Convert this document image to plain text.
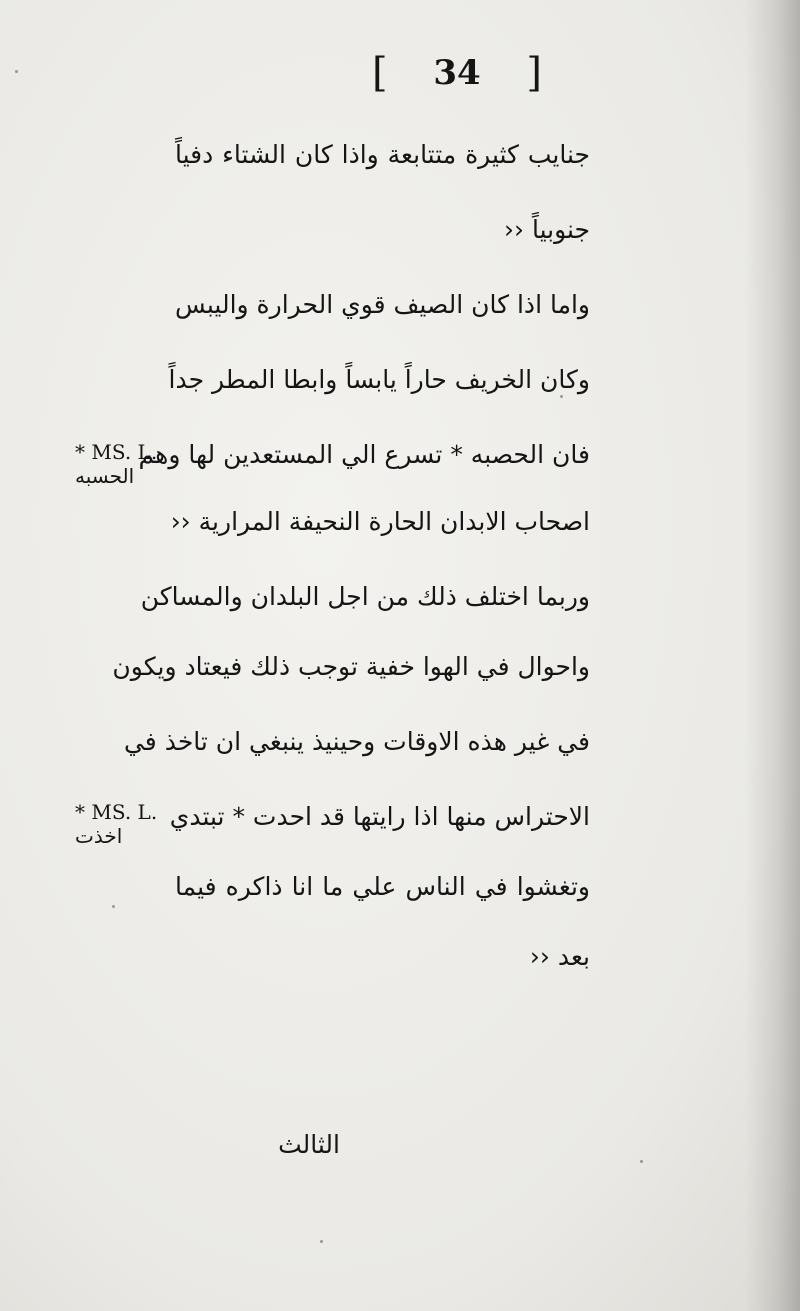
[ 34 ]
جنايب كثيرة متتابعة واذا كان الشتاء دفياً
جنوبياً ‹‹
واما اذا كان الصيف قوي الحرارة واليبس
وكان الخريف حاراً يابساً وابطا المطر جداً
فان الحصبه * تسرع الي المستعدين لها وهم
اصحاب الابدان الحارة النحيفة المرارية ‹‹
وربما اختلف ذلك من اجل البلدان والمساكن
واحوال في الهوا خفية توجب ذلك فيعتاد ويكون
في غير هذه الاوقات وحينيذ ينبغي ان تاخذ في
الاحتراس منها اذا رايتها قد احدت * تبتدي
وتغشوا في الناس علي ما انا ذاكره فيما
بعد ‹‹
* MS. L.
الحسبه
* MS. L.
اخذت
الثالث
